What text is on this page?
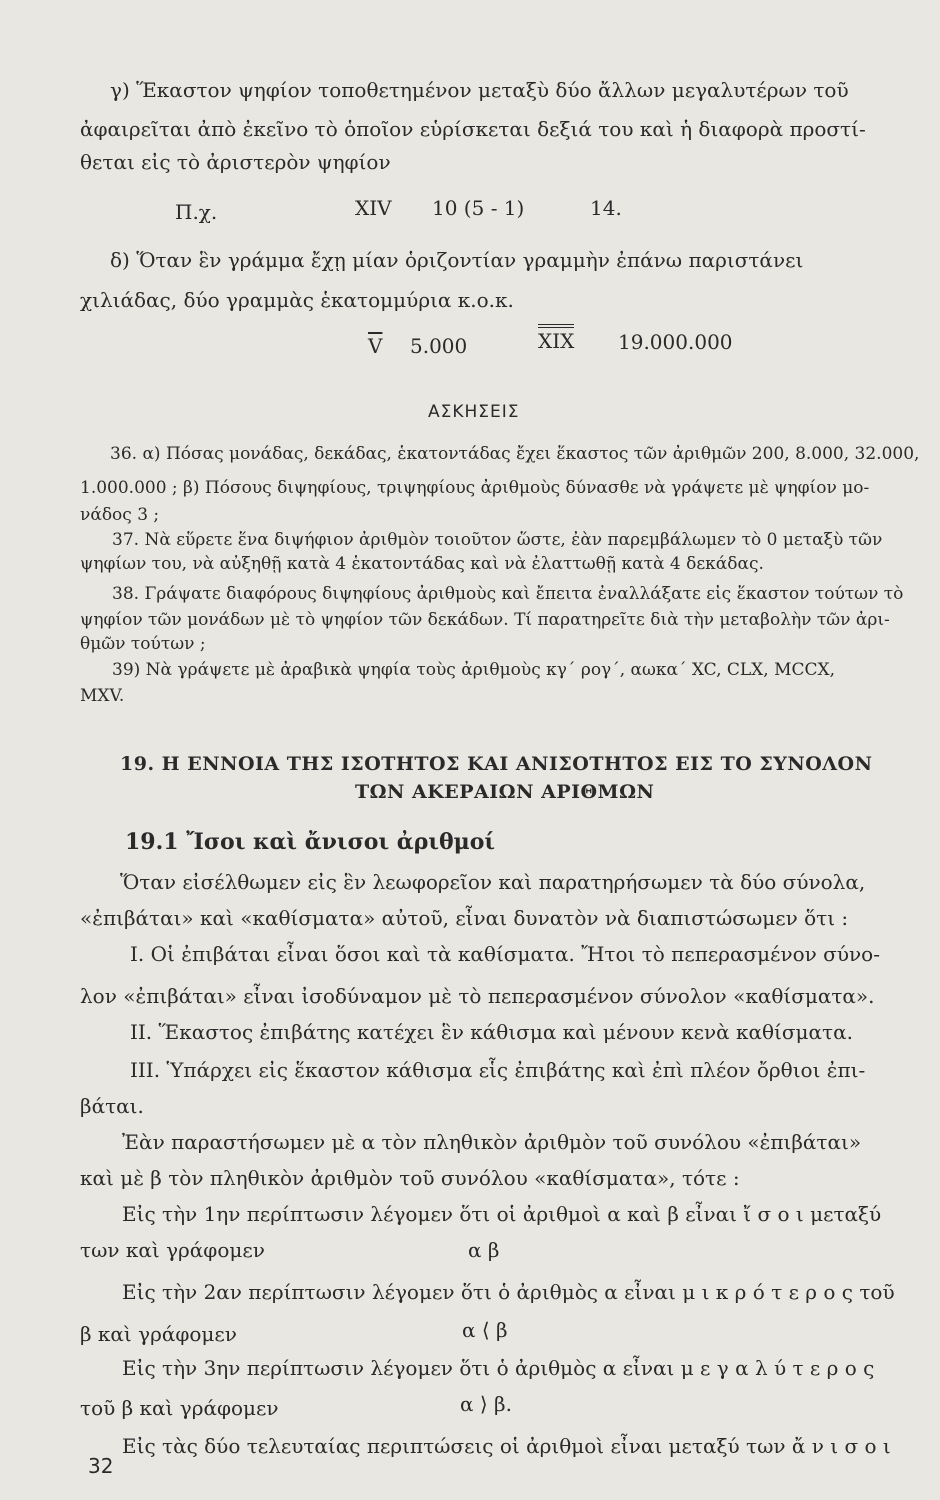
γ) Ἕκαστον ψηφίον τοποθετημένον μεταξὺ δύο ἄλλων μεγαλυτέρων τοῦ
ἀφαιρεῖται ἀπὸ ἐκεῖνο τὸ ὁποῖον εὑρίσκεται δεξιά του καὶ ἡ διαφορὰ προστί-
θεται εἰς τὸ ἀριστερὸν ψηφίον
Π.χ.	XIV 10 (5 - 1)	14.
δ) Ὅταν ἓν γράμμα ἔχῃ μίαν ὁριζοντίαν γραμμὴν ἐπάνω παριστάνει
χιλιάδας, δύο γραμμὰς ἑκατομμύρια κ.ο.κ.
$\overline{V}$ 5.000	XIX 19.000.000
ΑΣΚΗΣΕΙΣ
36. α) Πόσας μονάδας, δεκάδας, ἑκατοντάδας ἔχει ἕκαστος τῶν ἀριθμῶν 200, 8.000, 32.000,
1.000.000 ; β) Πόσους διψηφίους, τριψηφίους ἀριθμοὺς δύνασθε νὰ γράψετε μὲ ψηφίον μο-
νάδος 3 ;
37. Νὰ εὕρετε ἕνα διψήφιον ἀριθμὸν τοιοῦτον ὥστε, ἐὰν παρεμβάλωμεν τὸ 0 μεταξὺ τῶν
ψηφίων του, νὰ αὐξηθῇ κατὰ 4 ἑκατοντάδας καὶ νὰ ἐλαττωθῇ κατὰ 4 δεκάδας.
38. Γράψατε διαφόρους διψηφίους ἀριθμοὺς καὶ ἔπειτα ἐναλλάξατε εἰς ἕκαστον τούτων τὸ
ψηφίον τῶν μονάδων μὲ τὸ ψηφίον τῶν δεκάδων. Τί παρατηρεῖτε διὰ τὴν μεταβολὴν τῶν ἀρι-
θμῶν τούτων ;
39) Νὰ γράψετε μὲ ἀραβικὰ ψηφία τοὺς ἀριθμοὺς κγ΄ ρογ΄, αωκα΄ XC, CLX, MCCX,
MXV.
19. Η ΕΝΝΟΙΑ ΤΗΣ ΙΣΟΤΗΤΟΣ ΚΑΙ ΑΝΙΣΟΤΗΤΟΣ ΕΙΣ ΤΟ ΣΥΝΟΛΟΝ
ΤΩΝ ΑΚΕΡΑΙΩΝ ΑΡΙΘΜΩΝ
19.1 Ἴσοι καὶ ἄνισοι ἀριθμοί
Ὅταν εἰσέλθωμεν εἰς ἓν λεωφορεῖον καὶ παρατηρήσωμεν τὰ δύο σύνολα,
«ἐπιβάται» καὶ «καθίσματα» αὐτοῦ, εἶναι δυνατὸν νὰ διαπιστώσωμεν ὅτι :
I. Οἱ ἐπιβάται εἶναι ὅσοι καὶ τὰ καθίσματα. Ἤτοι τὸ πεπερασμένον σύνο-
λον «ἐπιβάται» εἶναι ἰσοδύναμον μὲ τὸ πεπερασμένον σύνολον «καθίσματα».
II. Ἕκαστος ἐπιβάτης κατέχει ἓν κάθισμα καὶ μένουν κενὰ καθίσματα.
III. Ὑπάρχει εἰς ἕκαστον κάθισμα εἷς ἐπιβάτης καὶ ἐπὶ πλέον ὄρθιοι ἐπι-
βάται.
Ἐὰν παραστήσωμεν μὲ α τὸν πληθικὸν ἀριθμὸν τοῦ συνόλου «ἐπιβάται»
καὶ μὲ β τὸν πληθικὸν ἀριθμὸν τοῦ συνόλου «καθίσματα», τότε :
Εἰς τὴν 1ην περίπτωσιν λέγομεν ὅτι οἱ ἀριθμοὶ α καὶ β εἶναι ἴ σ ο ι μεταξύ
των καὶ γράφομεν	α β
Εἰς τὴν 2αν περίπτωσιν λέγομεν ὅτι ὁ ἀριθμὸς α εἶναι μ ι κ ρ ό τ ε ρ ο ς τοῦ
β καὶ γράφομεν	α ⟨ β
Εἰς τὴν 3ην περίπτωσιν λέγομεν ὅτι ὁ ἀριθμὸς α εἶναι μ ε γ α λ ύ τ ε ρ ο ς
τοῦ β καὶ γράφομεν	α ⟩ β.
Εἰς τὰς δύο τελευταίας περιπτώσεις οἱ ἀριθμοὶ εἶναι μεταξύ των ἄ ν ι σ ο ι
32
